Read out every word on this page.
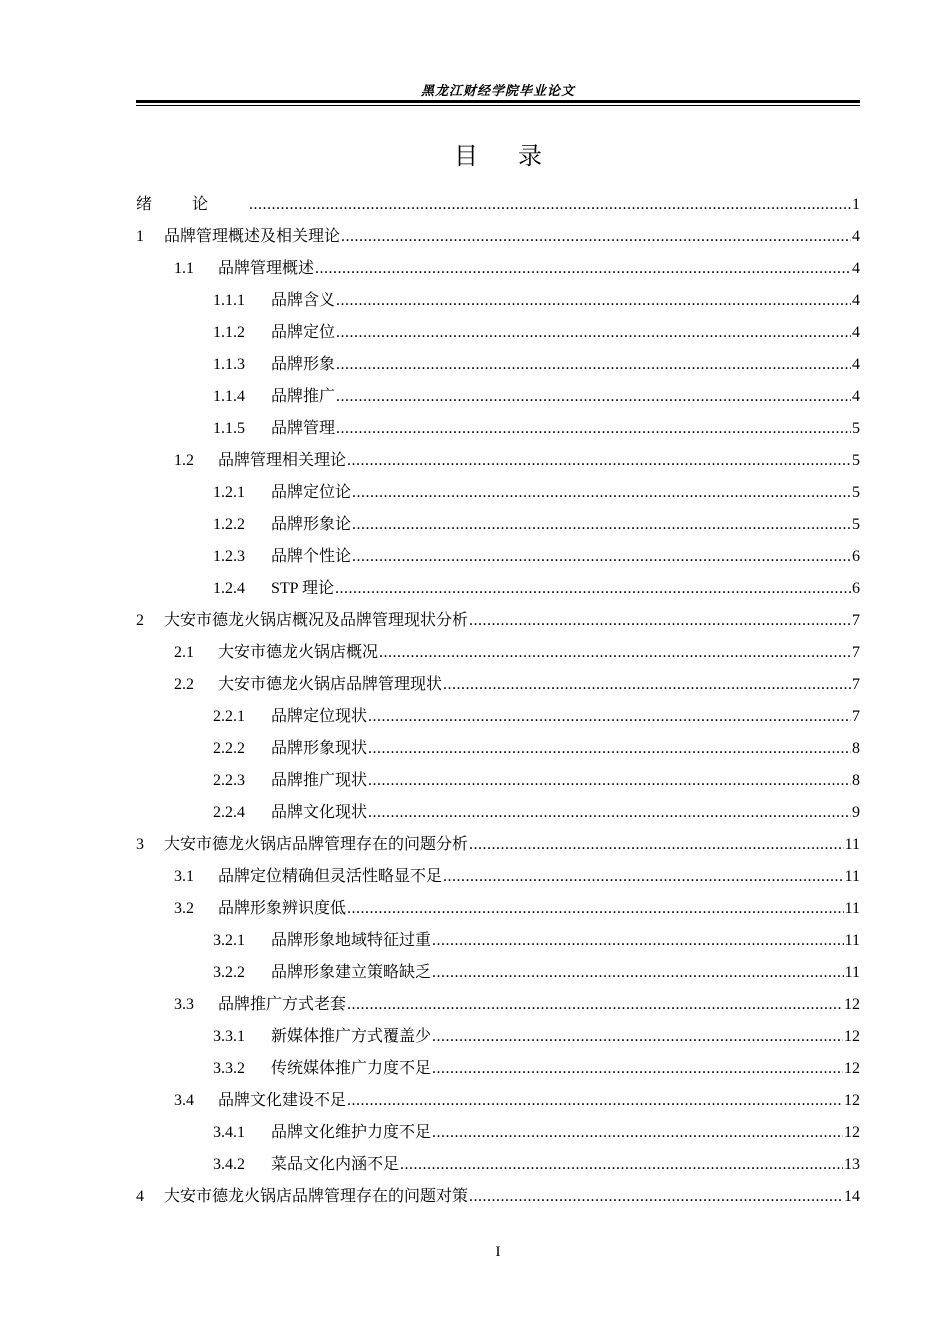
黑龙江财经学院毕业论文
目录
绪论 .....	1
1	品牌管理概述及相关理论 .....	4
1.1	品牌管理概述 .....	4
1.1.1	品牌含义 .....	4
1.1.2	品牌定位 .....	4
1.1.3	品牌形象 .....	4
1.1.4	品牌推广 .....	4
1.1.5	品牌管理 .....	5
1.2	品牌管理相关理论 .....	5
1.2.1	品牌定位论 .....	5
1.2.2	品牌形象论 .....	5
1.2.3	品牌个性论 .....	6
1.2.4	STP 理论 .....	6
2	大安市德龙火锅店概况及品牌管理现状分析 .....	7
2.1	大安市德龙火锅店概况 .....	7
2.2	大安市德龙火锅店品牌管理现状 .....	7
2.2.1	品牌定位现状 .....	7
2.2.2	品牌形象现状 .....	8
2.2.3	品牌推广现状 .....	8
2.2.4	品牌文化现状 .....	9
3	大安市德龙火锅店品牌管理存在的问题分析 .....	11
3.1	品牌定位精确但灵活性略显不足 .....	11
3.2	品牌形象辨识度低 .....	11
3.2.1	品牌形象地域特征过重 .....	11
3.2.2	品牌形象建立策略缺乏 .....	11
3.3	品牌推广方式老套 .....	12
3.3.1	新媒体推广方式覆盖少 .....	12
3.3.2	传统媒体推广力度不足 .....	12
3.4	品牌文化建设不足 .....	12
3.4.1	品牌文化维护力度不足 .....	12
3.4.2	菜品文化内涵不足 .....	13
4	大安市德龙火锅店品牌管理存在的问题对策 .....	14
I
